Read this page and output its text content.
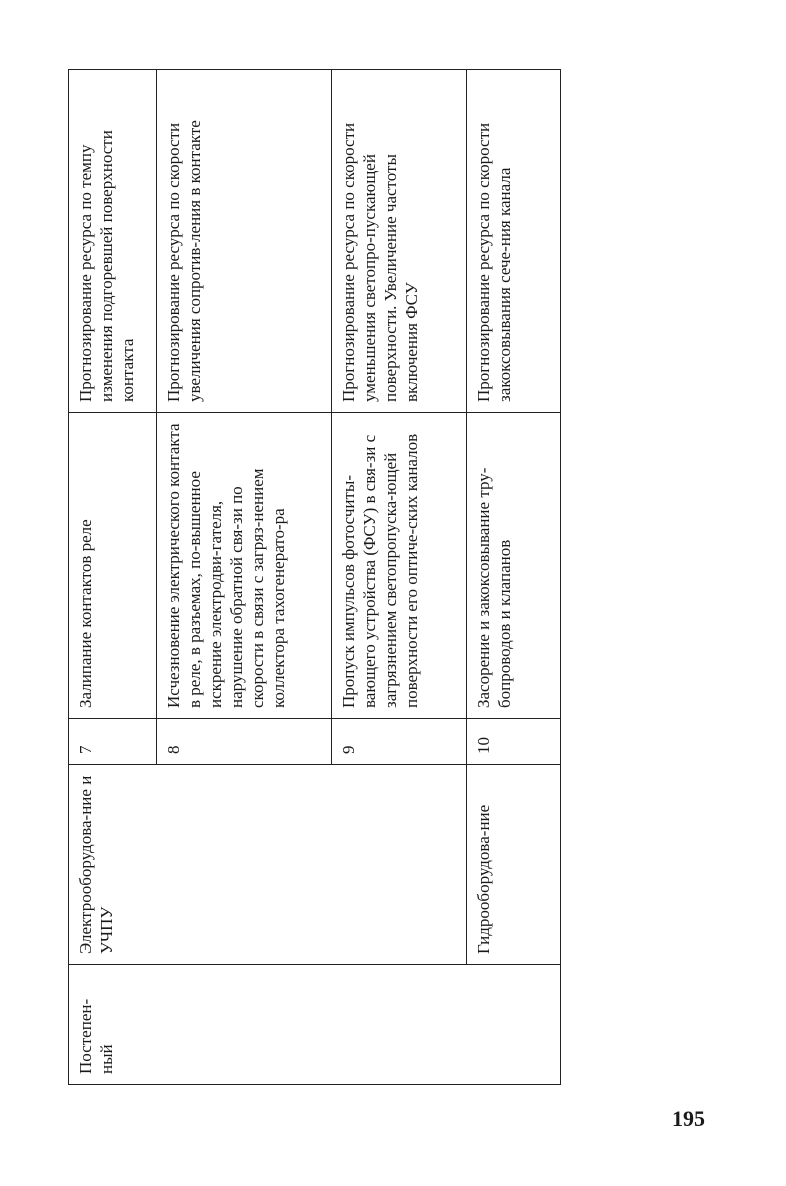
Постепен-ный	Электрооборудова-ние и УЧПУ	7	Залипание контактов реле	Прогнозирование ресурса по темпу изменения подгоревшей поверхности контакта
		8	Исчезновение электрического контакта в реле, в разъемах, по-вышенное искрение электродви-гателя, нарушение обратной свя-зи по скорости в связи с загряз-нением коллектора тахогенерато-ра	Прогнозирование ресурса по скорости увеличения сопротив-ления в контакте
		9	Пропуск импульсов фотосчиты-вающего устройства (ФСУ) в свя-зи с загрязнением светопропуска-ющей поверхности его оптиче-ских каналов	Прогнозирование ресурса по скорости уменьшения светопро-пускающей поверхности. Увеличение частоты включения ФСУ
	Гидрооборудова-ние	10	Засорение и закоксовывание тру-бопроводов и клапанов	Прогнозирование ресурса по скорости закоксовывания сече-ния канала
195
